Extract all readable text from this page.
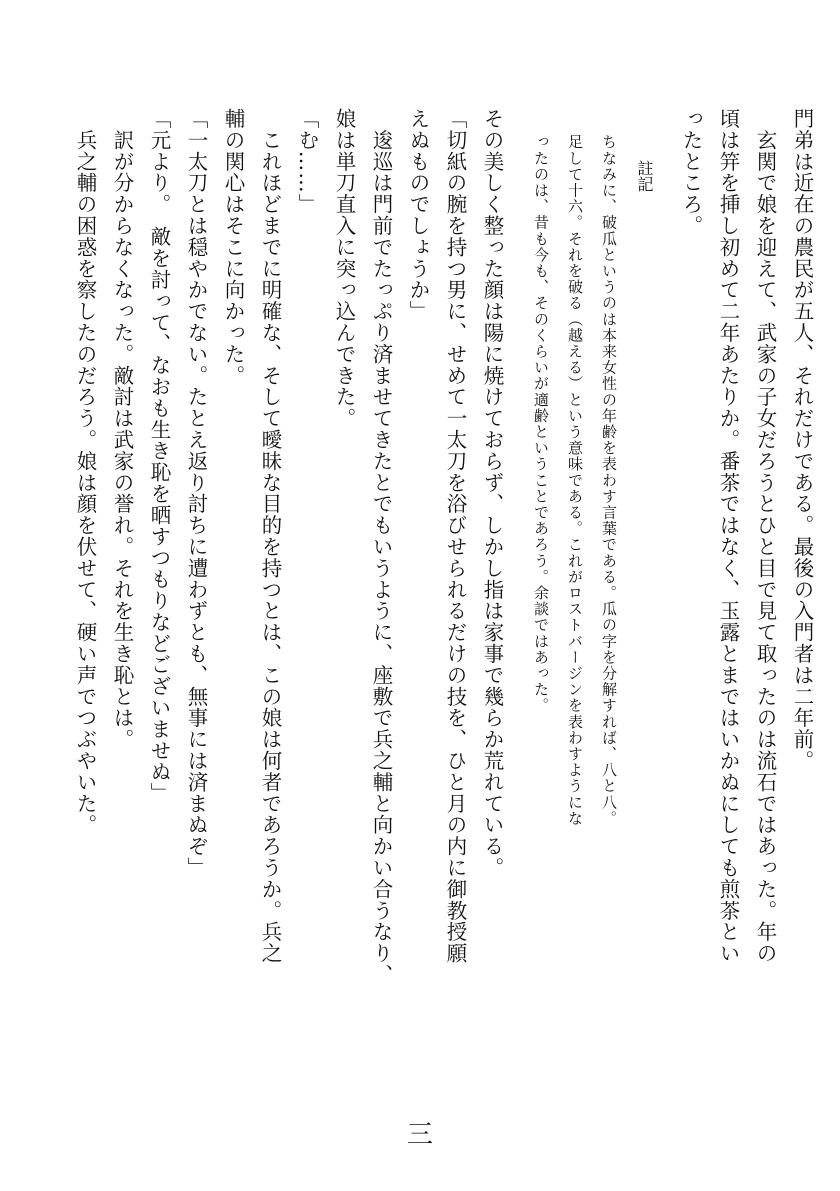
門弟は近在の農民が五人、それだけである。最後の入門者は二年前。
　玄関で娘を迎えて、武家の子女だろうとひと目で見て取ったのは流石ではあった。年の
頃は笄を挿し初めて二年あたりか。番茶ではなく、玉露とまではいかぬにしても煎茶とい
ったところ。
註記
ちなみに、破瓜というのは本来女性の年齢を表わす言葉である。瓜の字を分解すれば、八と八。
足して十六。それを破る（越える）という意味である。これがロストバージンを表わすようにな
ったのは、昔も今も、そのくらいが適齢ということであろう。余談ではあった。
その美しく整った顔は陽に焼けておらず、しかし指は家事で幾らか荒れている。
「切紙の腕を持つ男に、せめて一太刀を浴びせられるだけの技を、ひと月の内に御教授願
えぬものでしょうか」
　逡巡は門前でたっぷり済ませてきたとでもいうように、座敷で兵之輔と向かい合うなり、
娘は単刀直入に突っ込んできた。
「む……」
　これほどまでに明確な、そして曖昧な目的を持つとは、この娘は何者であろうか。兵之
輔の関心はそこに向かった。
「一太刀とは穏やかでない。たとえ返り討ちに遭わずとも、無事には済まぬぞ」
「元より。　敵を討って、なおも生き恥を晒すつもりなどございませぬ」
　訳が分からなくなった。敵討は武家の誉れ。それを生き恥とは。
　兵之輔の困惑を察したのだろう。娘は顔を伏せて、硬い声でつぶやいた。
三
